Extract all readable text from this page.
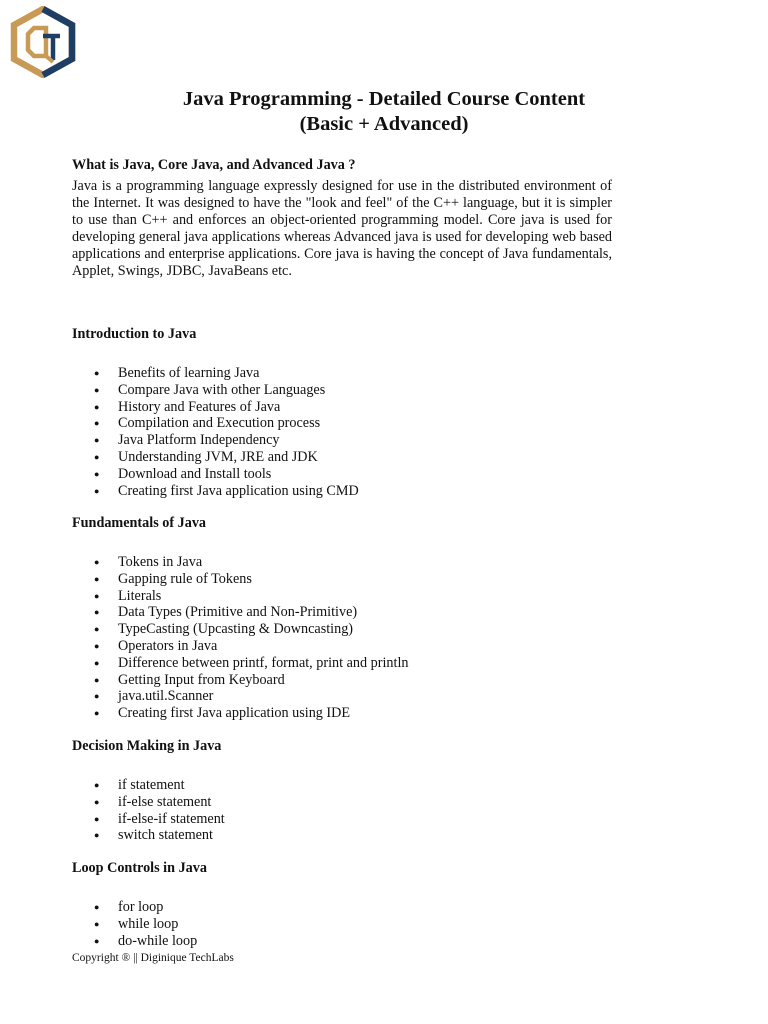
Java Programming - Detailed Course Content
(Basic + Advanced)
What is Java, Core Java, and Advanced Java ?

Java is a programming language expressly designed for use in the distributed environment of the Internet. It was designed to have the "look and feel" of the C++ language, but it is simpler to use than C++ and enforces an object-oriented programming model. Core java is used for developing general java applications whereas Advanced java is used for developing web based applications and enterprise applications. Core java is having the concept of Java fundamentals, Applet, Swings, JDBC, JavaBeans etc.

Introduction to Java
●	Benefits of learning Java
●	Compare Java with other Languages
●	History and Features of Java
●	Compilation and Execution process
●	Java Platform Independency
●	Understanding JVM, JRE and JDK
●	Download and Install tools
●	Creating first Java application using CMD
Fundamentals of Java
●	Tokens in Java
●	Gapping rule of Tokens
●	Literals
●	Data Types (Primitive and Non-Primitive)
●	TypeCasting (Upcasting & Downcasting)
●	Operators in Java
●	Difference between printf, format, print and println
●	Getting Input from Keyboard
●	java.util.Scanner
●	Creating first Java application using IDE
Decision Making in Java
●	if statement
●	if-else statement
●	if-else-if statement
●	switch statement
Loop Controls in Java
●	for loop
●	while loop
●	do-while loop

Copyright ® || Diginique TechLabs
